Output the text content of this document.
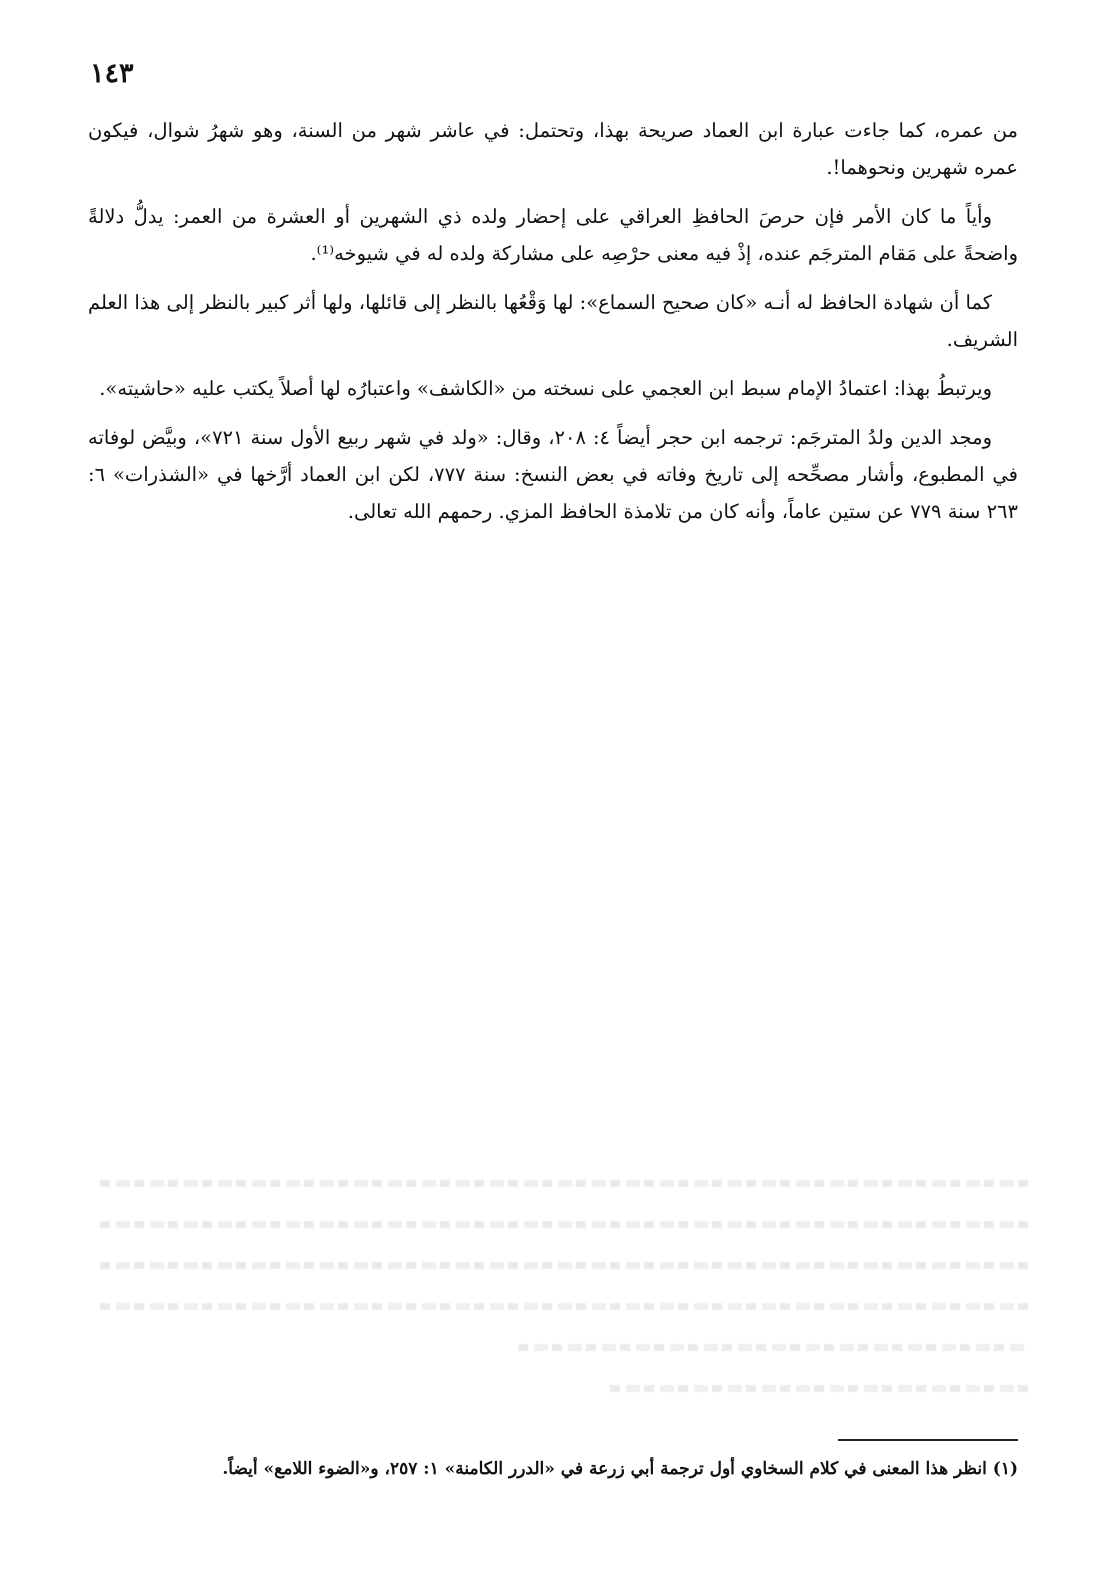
١٤٣

من عمره، كما جاءت عبارة ابن العماد صريحة بهذا، وتحتمل: في عاشر شهر من السنة، وهو شهرُ شوال، فيكون عمره شهرين ونحوهما!.

وأياً ما كان الأمر فإن حرصَ الحافظِ العراقي على إحضار ولده ذي الشهرين أو العشرة من العمر: يدلُّ دلالةً واضحةً على مَقام المترجَم عنده، إذْ فيه معنى حرْصِه على مشاركة ولده له في شيوخه⁽¹⁾.

كما أن شهادة الحافظ له أنـه «كان صحيح السماع»: لها وَقْعُها بالنظر إلى قائلها، ولها أثر كبير بالنظر إلى هذا العلم الشريف.

ويرتبطُ بهذا: اعتمادُ الإمام سبط ابن العجمي على نسخته من «الكاشف» واعتبارُه لها أصلاً يكتب عليه «حاشيته».

ومجد الدين ولدُ المترجَم: ترجمه ابن حجر أيضاً ٤: ٢٠٨، وقال: «ولد في شهر ربيع الأول سنة ٧٢١»، وبيَّض لوفاته في المطبوع، وأشار مصحِّحه إلى تاريخ وفاته في بعض النسخ: سنة ٧٧٧، لكن ابن العماد أرَّخها في «الشذرات» ٦: ٢٦٣ سنة ٧٧٩ عن ستين عاماً، وأنه كان من تلامذة الحافظ المزي. رحمهم الله تعالى.

(١) انظر هذا المعنى في كلام السخاوي أول ترجمة أبي زرعة في «الدرر الكامنة» ١: ٢٥٧، و«الضوء اللامع» أيضاً.
